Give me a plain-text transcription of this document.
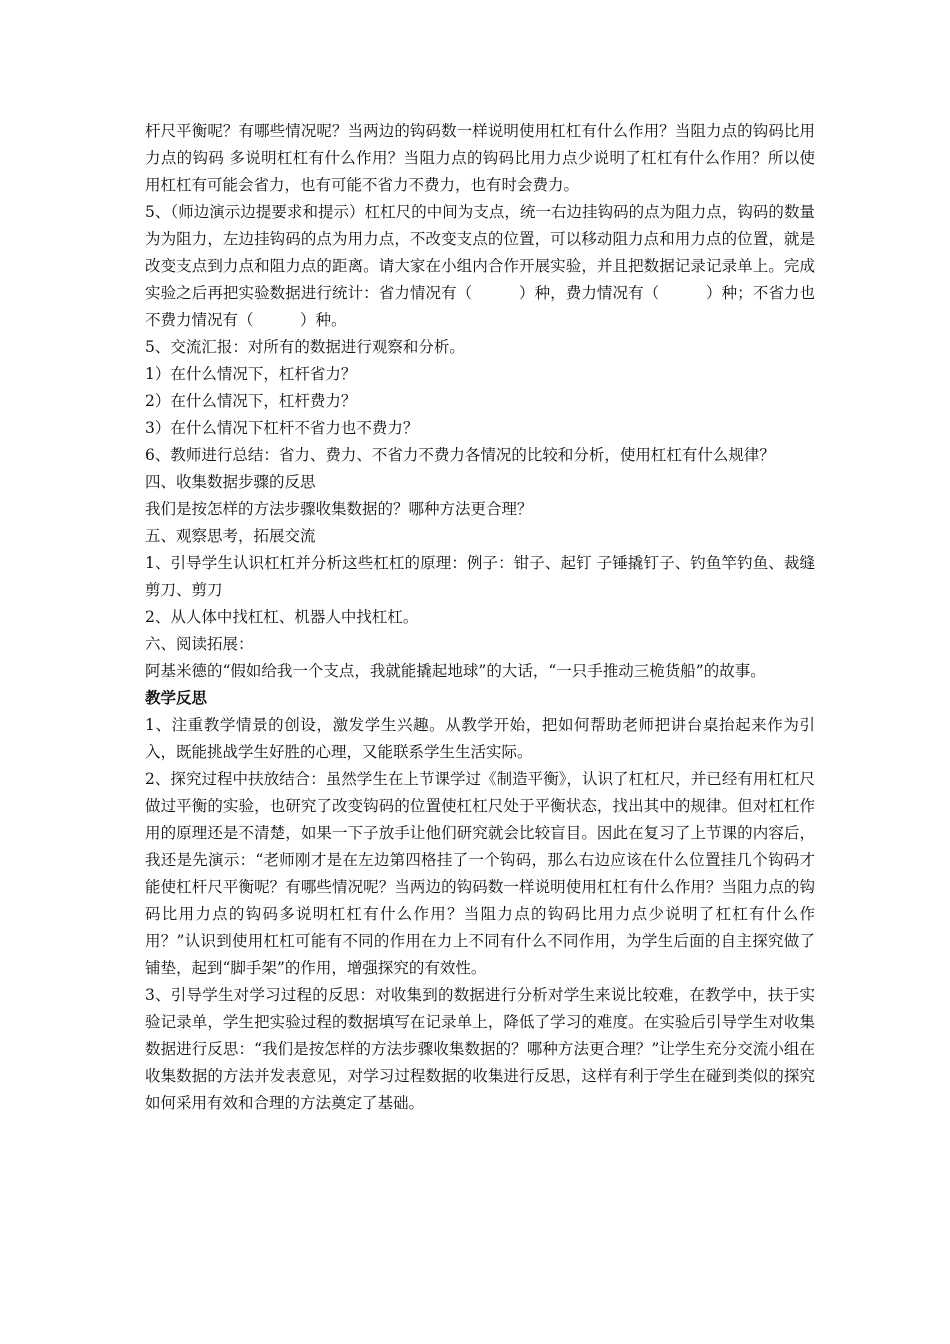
杆尺平衡呢？有哪些情况呢？当两边的钩码数一样说明使用杠杠有什么作用？当阻力点的钩码比用力点的钩码 多说明杠杠有什么作用？当阻力点的钩码比用力点少说明了杠杠有什么作用？所以使用杠杠有可能会省力，也有可能不省力不费力，也有时会费力。

5、（师边演示边提要求和提示）杠杠尺的中间为支点，统一右边挂钩码的点为阻力点，钩码的数量为为阻力，左边挂钩码的点为用力点，不改变支点的位置，可以移动阻力点和用力点的位置，就是改变支点到力点和阻力点的距离。请大家在小组内合作开展实验，并且把数据记录记录单上。完成实验之后再把实验数据进行统计：省力情况有（　　　）种，费力情况有（　　　）种；不省力也不费力情况有（　　　）种。

5、交流汇报：对所有的数据进行观察和分析。

1）在什么情况下，杠杆省力？

2）在什么情况下，杠杆费力？

3）在什么情况下杠杆不省力也不费力？

6、教师进行总结：省力、费力、不省力不费力各情况的比较和分析，使用杠杠有什么规律？

四、收集数据步骤的反思

我们是按怎样的方法步骤收集数据的？哪种方法更合理？

五、观察思考，拓展交流

1、引导学生认识杠杠并分析这些杠杠的原理：例子：钳子、起钉 子锤撬钉子、钓鱼竿钓鱼、裁缝剪刀、剪刀

2、从人体中找杠杠、机器人中找杠杠。

六、阅读拓展：

阿基米德的“假如给我一个支点，我就能撬起地球”的大话，“一只手推动三桅货船”的故事。

教学反思

1、注重教学情景的创设，激发学生兴趣。从教学开始，把如何帮助老师把讲台桌抬起来作为引入，既能挑战学生好胜的心理，又能联系学生生活实际。

2、探究过程中扶放结合：虽然学生在上节课学过《制造平衡》，认识了杠杠尺，并已经有用杠杠尺做过平衡的实验，也研究了改变钩码的位置使杠杠尺处于平衡状态，找出其中的规律。但对杠杠作用的原理还是不清楚，如果一下子放手让他们研究就会比较盲目。因此在复习了上节课的内容后，我还是先演示：“老师刚才是在左边第四格挂了一个钩码，那么右边应该在什么位置挂几个钩码才能使杠杆尺平衡呢？有哪些情况呢？当两边的钩码数一样说明使用杠杠有什么作用？当阻力点的钩码比用力点的钩码多说明杠杠有什么作用？当阻力点的钩码比用力点少说明了杠杠有什么作用？”认识到使用杠杠可能有不同的作用在力上不同有什么不同作用，为学生后面的自主探究做了铺垫，起到“脚手架”的作用，增强探究的有效性。

3、引导学生对学习过程的反思：对收集到的数据进行分析对学生来说比较难，在教学中，扶于实验记录单，学生把实验过程的数据填写在记录单上，降低了学习的难度。在实验后引导学生对收集数据进行反思：“我们是按怎样的方法步骤收集数据的？哪种方法更合理？”让学生充分交流小组在收集数据的方法并发表意见，对学习过程数据的收集进行反思，这样有利于学生在碰到类似的探究如何采用有效和合理的方法奠定了基础。
